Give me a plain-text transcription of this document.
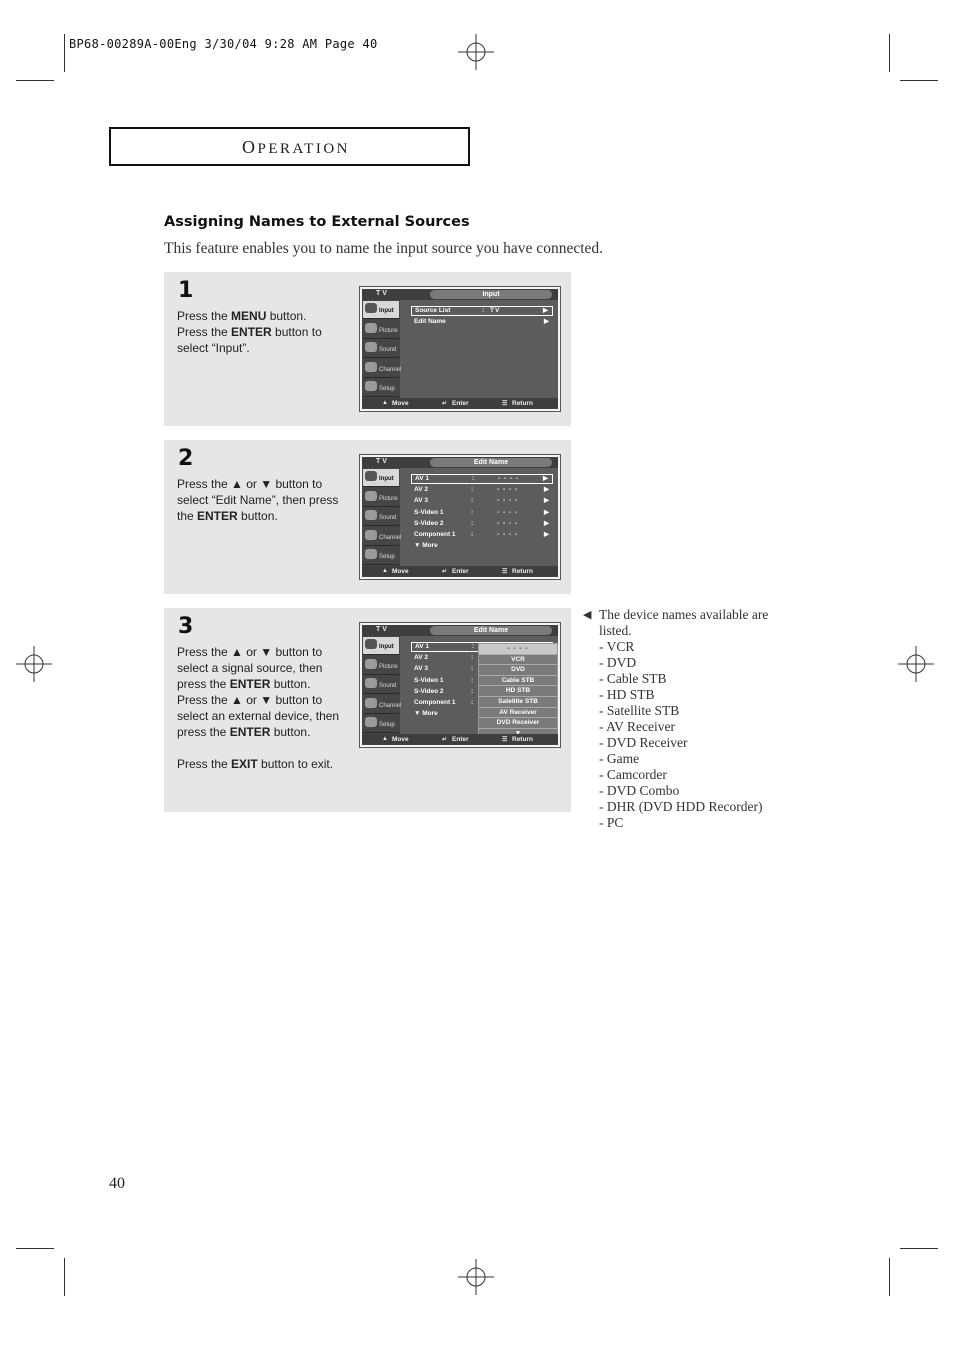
BP68-00289A-00Eng 3/30/04 9:28 AM Page 40
OPERATION
Assigning Names to External Sources
This feature enables you to name the input source you have connected.
1

Press the MENU button.

Press the ENTER button to select “Input”.

T V	Input
Input
Picture
Sound
Channel
Setup
Source List	: TV	▶
Edit Name	▶
▲ Move	↵ Enter	☰ Return
2

Press the ▲ or ▼ button to select “Edit Name”, then press the ENTER button.

T V	Edit Name
Input
Picture
Sound
Channel
Setup
AV 1	:	- - - -	▶
AV 2	:	- - - -	▶
AV 3	:	- - - -	▶
S-Video 1	:	- - - -	▶
S-Video 2	:	- - - -	▶
Component 1 :	- - - -	▶
▼ More
▲ Move	↵ Enter	☰ Return
3

Press the ▲ or ▼ button to select a signal source, then press the ENTER button.

Press the ▲ or ▼ button to select an external device, then press the ENTER button.

Press the EXIT button to exit.

T V	Edit Name
Input
Picture
Sound
Channel
Setup
AV 1	:
AV 2	:
AV 3	:
S-Video 1	:
S-Video 2	:
Component 1 :
▼ More
- - - -
VCR
DVD
Cable STB
HD STB
Satellite STB
AV Receiver
DVD Receiver
▲ Move	↵ Enter	☰ Return
◀ The device names available are listed.
- VCR
- DVD
- Cable STB
- HD STB
- Satellite STB
- AV Receiver
- DVD Receiver
- Game
- Camcorder
- DVD Combo
- DHR (DVD HDD Recorder)
- PC
40
